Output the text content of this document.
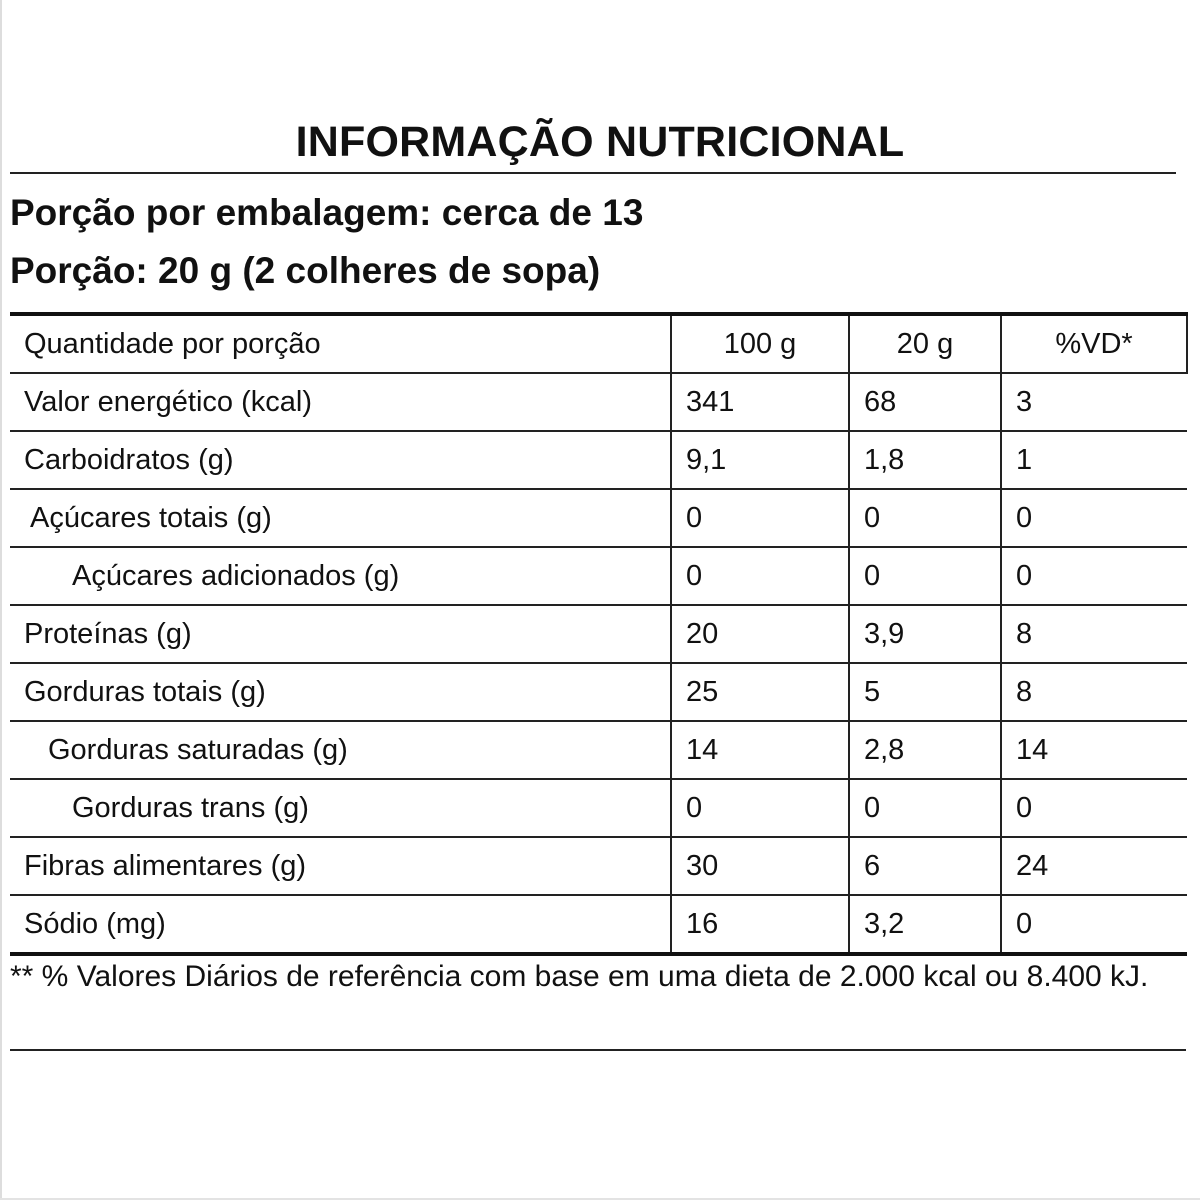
INFORMAÇÃO NUTRICIONAL
Porção por embalagem: cerca de 13
Porção: 20 g (2 colheres de sopa)
Quantidade por porção	100 g	20 g	%VD*
Valor energético (kcal)	341	68	3
Carboidratos (g)	9,1	1,8	1
Açúcares totais (g)	0	0	0
Açúcares adicionados (g)	0	0	0
Proteínas (g)	20	3,9	8
Gorduras totais (g)	25	5	8
Gorduras saturadas (g)	14	2,8	14
Gorduras trans (g)	0	0	0
Fibras alimentares (g)	30	6	24
Sódio (mg)	16	3,2	0
** % Valores Diários de referência com base em uma dieta de 2.000 kcal ou 8.400 kJ.
